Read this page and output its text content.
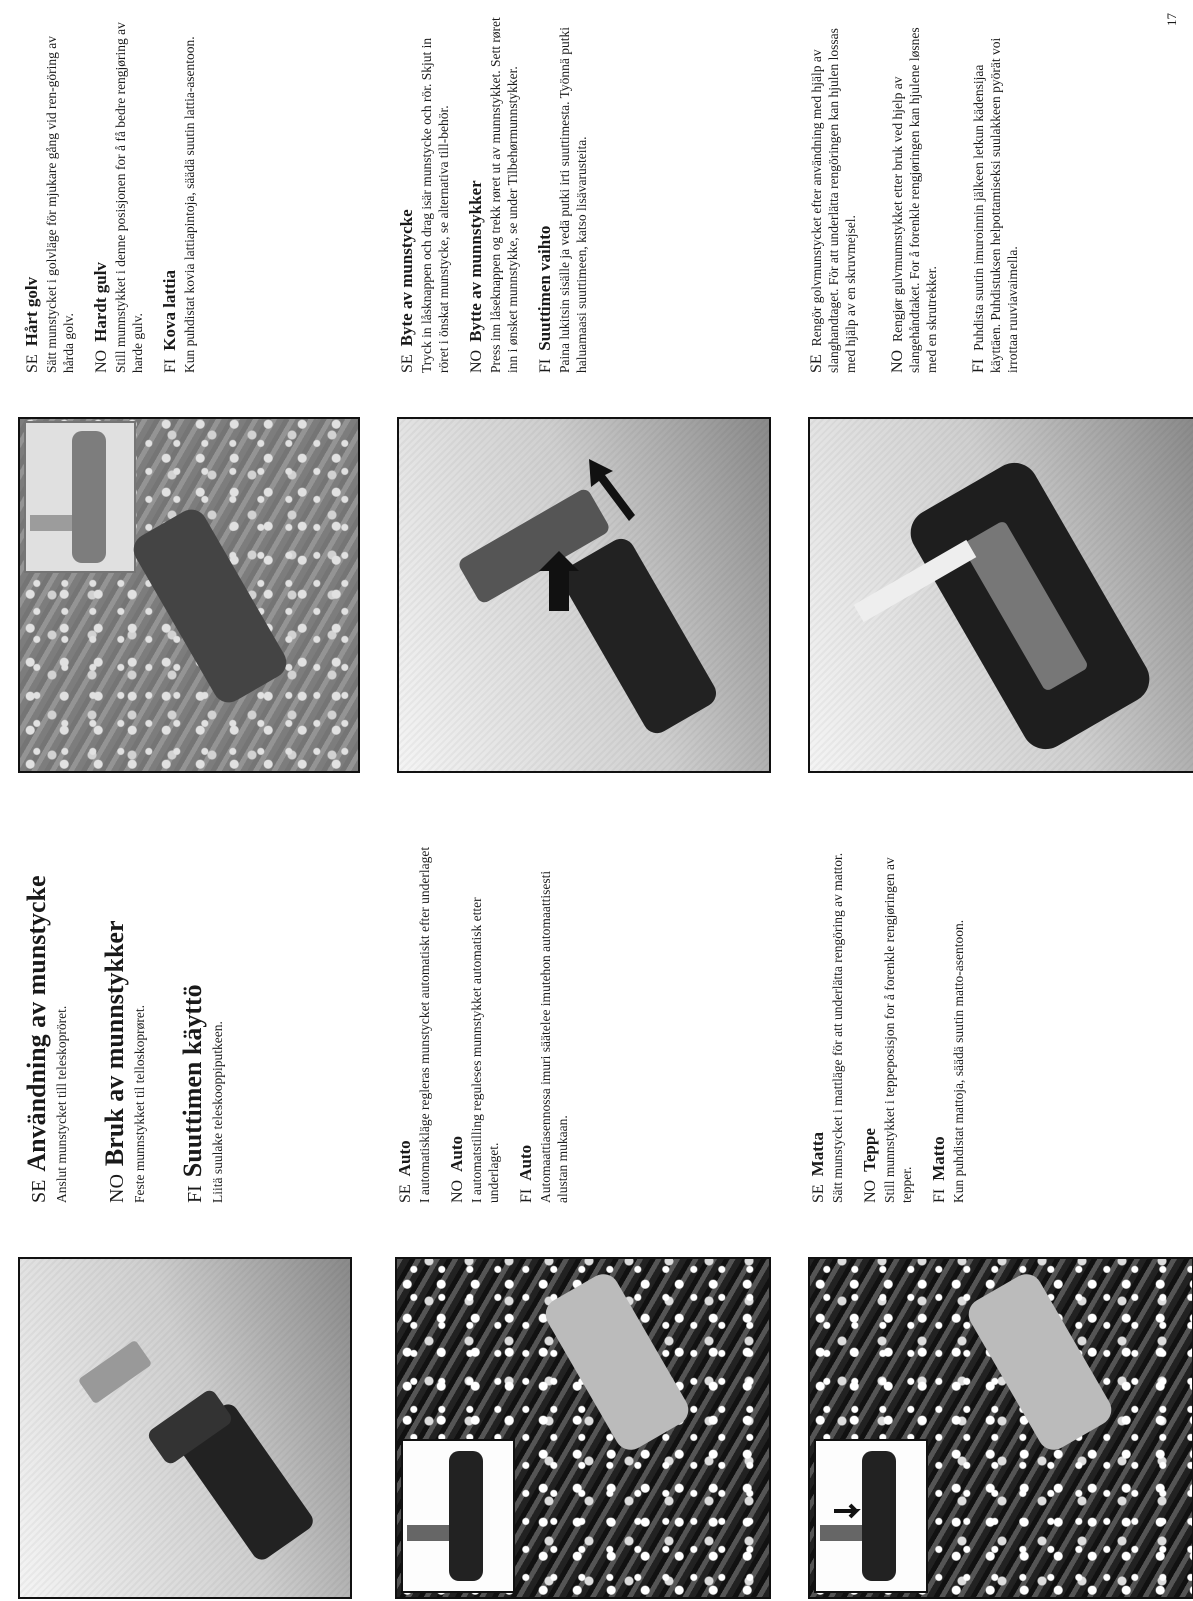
17
SEAnvändning av munstycke Anslut munstycket till teleskopröret.	NOBruk av munnstykker Feste munnstykket til telloskoprøret.	FISuuttimen käyttö Liitä suulake teleskooppiputkeen.	SEAuto I automatiskläge regleras munstycket automatiskt efter underlaget NOAuto I automatstilling reguleses munnstykket automatisk etter underlaget. FIAuto Automaattiasennossa imuri säätelee imutehon automaattisesti alustan mukaan.	SEMatta Sätt munstycket i mattläge för att underlätta rengöring av mattor. NOTeppe Still munnstykket i teppeposisjon for å forenkle rengjøringen av tepper. FIMatto Kun puhdistat mattoja, säädä suutin matto-asentoon.

SEHårt golv Sätt munstycket i golvläge för mjukare gång vid ren-göring av hårda golv. NOHardt gulv Still munnstykket i denne posisjonen for å få bedre rengjøring av harde gulv. FIKova lattia Kun puhdistat kovia lattiapintoja, säädä suutin lattia-asentoon.	SEByte av munstycke Tryck in låsknappen och drag isär munstycke och rör. Skjut in röret i önskat munstycke, se alternativa till-behör. NOBytte av munnstykker Press inn låseknappen og trekk røret ut av munnstykket. Sett røret inn i ønsket munnstykke, se under Tilbehørmunnstykker. FISuuttimen vaihto Paina lukitsin sisälle ja vedä putki irti suuttimesta. Työnnä putki haluamaasi suuttimeen, katso lisävarusteita.	SERengör golvmunstycket efter användning med hjälp av slanghandtaget. För att underlätta rengöringen kan hjulen lossas med hjälp av en skruvmejsel. NORengjør gulvmunnstykket etter bruk ved hjelp av slangehåndtaket. For å forenkle rengjøringen kan hjulene løsnes med en skrutrekker. FIPuhdista suutin imuroinnin jälkeen letkun kädensijaa käyttäen. Puhdistuksen helpottamiseksi suulakkeen pyörät voi irrottaa ruuviavaimella.
